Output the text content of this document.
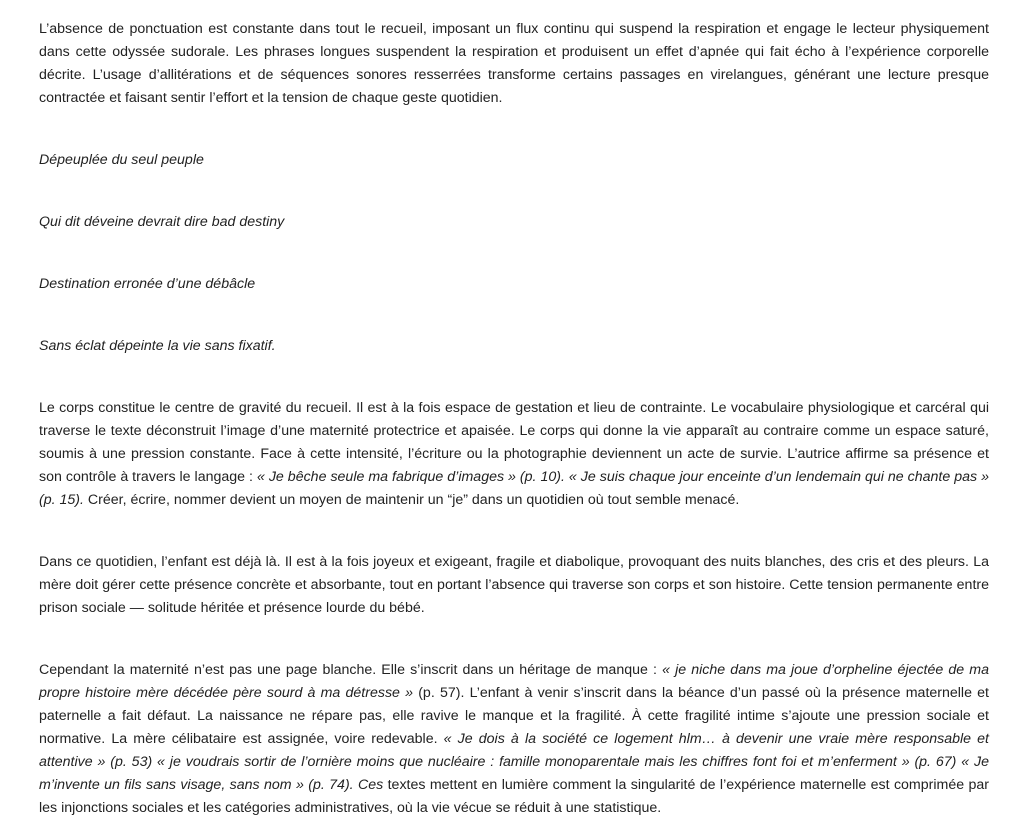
L’absence de ponctuation est constante dans tout le recueil, imposant un flux continu qui suspend la respiration et engage le lecteur physiquement dans cette odyssée sudorale. Les phrases longues suspendent la respiration et produisent un effet d’apnée qui fait écho à l’expérience corporelle décrite. L’usage d’allitérations et de séquences sonores resserrées transforme certains passages en virelangues, générant une lecture presque contractée et faisant sentir l’effort et la tension de chaque geste quotidien.

Dépeuplée du seul peuple

Qui dit déveine devrait dire bad destiny

Destination erronée d’une débâcle

Sans éclat dépeinte la vie sans fixatif.

Le corps constitue le centre de gravité du recueil. Il est à la fois espace de gestation et lieu de contrainte. Le vocabulaire physiologique et carcéral qui traverse le texte déconstruit l’image d’une maternité protectrice et apaisée. Le corps qui donne la vie apparaît au contraire comme un espace saturé, soumis à une pression constante. Face à cette intensité, l’écriture ou la photographie deviennent un acte de survie. L’autrice affirme sa présence et son contrôle à travers le langage : « Je bêche seule ma fabrique d’images » (p. 10). « Je suis chaque jour enceinte d’un lendemain qui ne chante pas » (p. 15). Créer, écrire, nommer devient un moyen de maintenir un “je” dans un quotidien où tout semble menacé.

Dans ce quotidien, l’enfant est déjà là. Il est à la fois joyeux et exigeant, fragile et diabolique, provoquant des nuits blanches, des cris et des pleurs. La mère doit gérer cette présence concrète et absorbante, tout en portant l’absence qui traverse son corps et son histoire. Cette tension permanente entre prison sociale — solitude héritée et présence lourde du bébé.

Cependant la maternité n’est pas une page blanche. Elle s’inscrit dans un héritage de manque : « je niche dans ma joue d’orpheline éjectée de ma propre histoire mère décédée père sourd à ma détresse » (p. 57). L’enfant à venir s’inscrit dans la béance d’un passé où la présence maternelle et paternelle a fait défaut. La naissance ne répare pas, elle ravive le manque et la fragilité. À cette fragilité intime s’ajoute une pression sociale et normative. La mère célibataire est assignée, voire redevable. « Je dois à la société ce logement hlm… à devenir une vraie mère responsable et attentive » (p. 53) « je voudrais sortir de l’ornière moins que nucléaire : famille monoparentale mais les chiffres font foi et m’enferment » (p. 67) « Je m’invente un fils sans visage, sans nom » (p. 74). Ces textes mettent en lumière comment la singularité de l’expérience maternelle est comprimée par les injonctions sociales et les catégories administratives, où la vie vécue se réduit à une statistique.
